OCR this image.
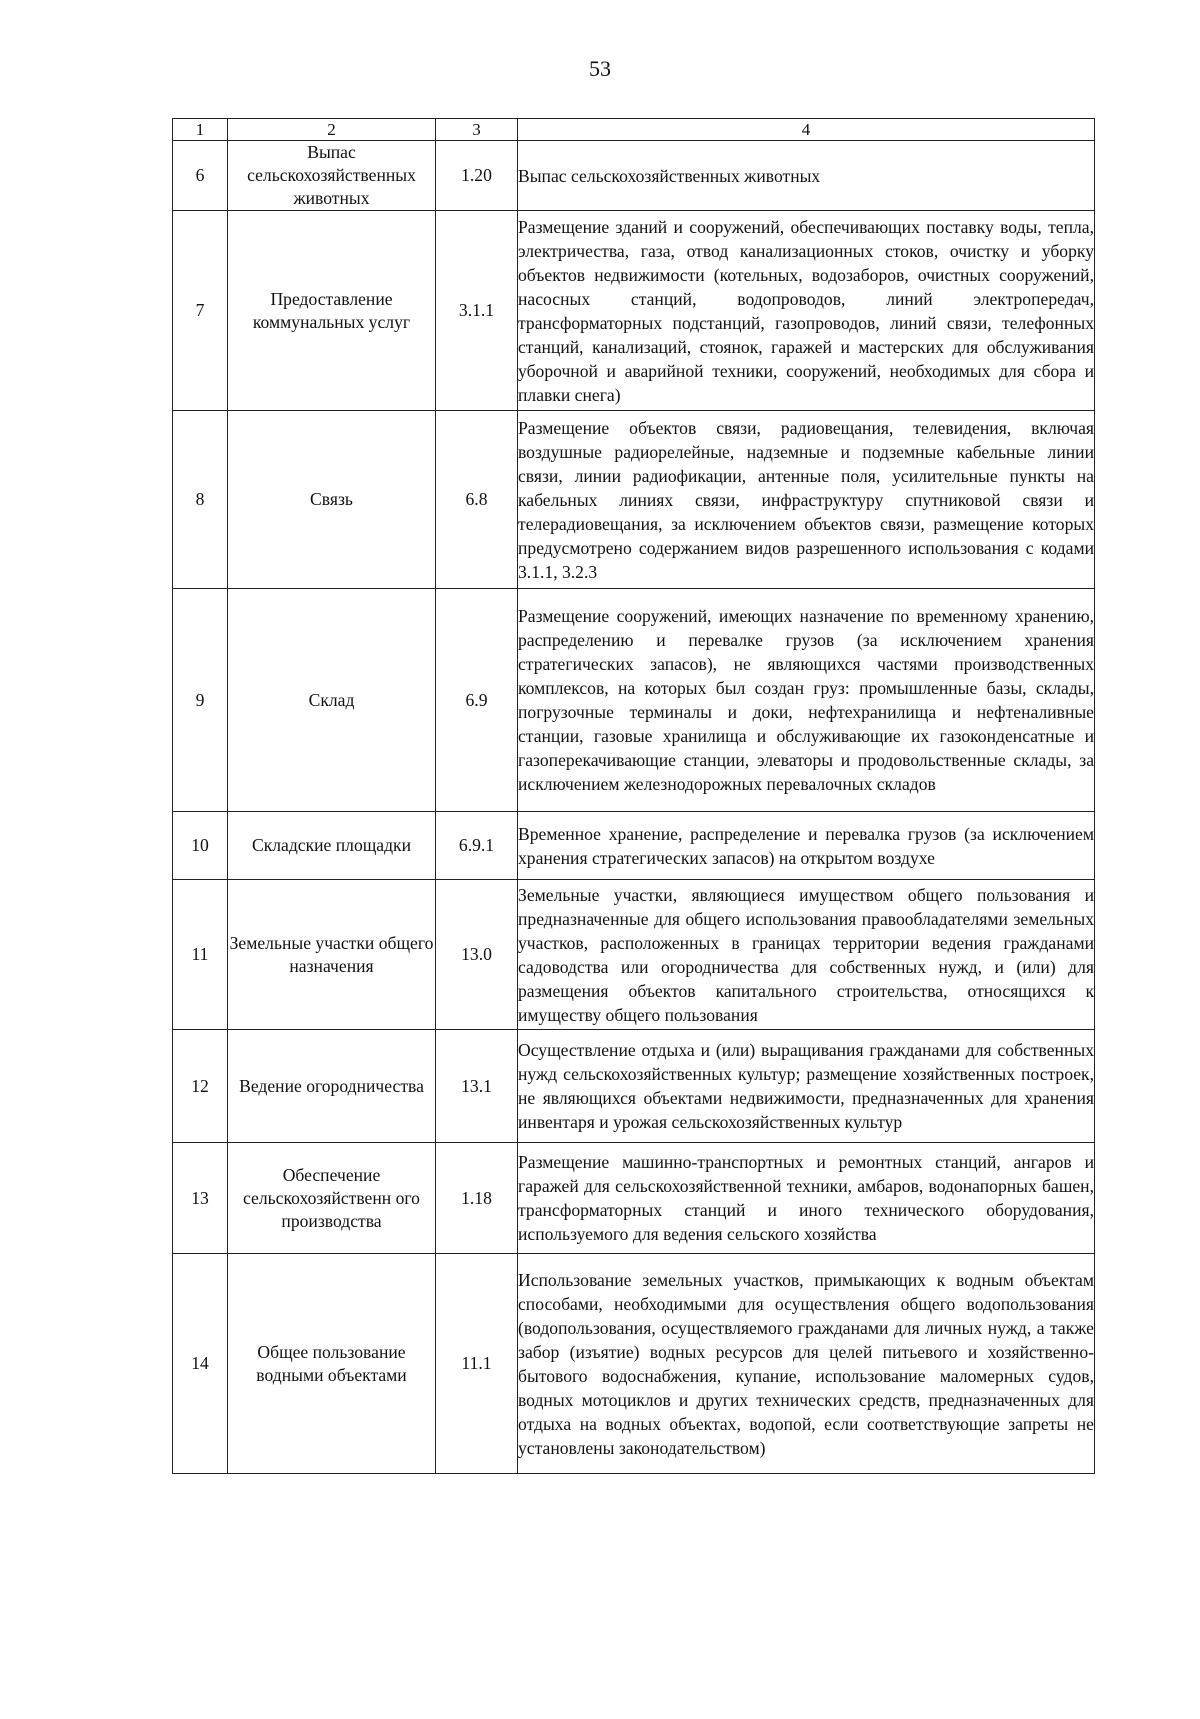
53
1	2	3	4
6	Выпас сельскохозяйственных животных	1.20	Выпас сельскохозяйственных животных
7	Предоставление коммунальных услуг	3.1.1	Размещение зданий и сооружений, обеспечивающих поставку воды, тепла, электричества, газа, отвод канализационных стоков, очистку и уборку объектов недвижимости (котельных, водозаборов, очистных сооружений, насосных станций, водопроводов, линий электропередач, трансформаторных подстанций, газопроводов, линий связи, телефонных станций, канализаций, стоянок, гаражей и мастерских для обслуживания уборочной и аварийной техники, сооружений, необходимых для сбора и плавки снега)
8	Связь	6.8	Размещение объектов связи, радиовещания, телевидения, включая воздушные радиорелейные, надземные и подземные кабельные линии связи, линии радиофикации, антенные поля, усилительные пункты на кабельных линиях связи, инфраструктуру спутниковой связи и телерадиовещания, за исключением объектов связи, размещение которых предусмотрено содержанием видов разрешенного использования с кодами 3.1.1, 3.2.3
9	Склад	6.9	Размещение сооружений, имеющих назначение по временному хранению, распределению и перевалке грузов (за исключением хранения стратегических запасов), не являющихся частями производственных комплексов, на которых был создан груз: промышленные базы, склады, погрузочные терминалы и доки, нефтехранилища и нефтеналивные станции, газовые хранилища и обслуживающие их газоконденсатные и газоперекачивающие станции, элеваторы и продовольственные склады, за исключением железнодорожных перевалочных складов
10	Складские площадки	6.9.1	Временное хранение, распределение и перевалка грузов (за исключением хранения стратегических запасов) на открытом воздухе
11	Земельные участки общего назначения	13.0	Земельные участки, являющиеся имуществом общего пользования и предназначенные для общего использования правообладателями земельных участков, расположенных в границах территории ведения гражданами садоводства или огородничества для собственных нужд, и (или) для размещения объектов капитального строительства, относящихся к имуществу общего пользования
12	Ведение огородничества	13.1	Осуществление отдыха и (или) выращивания гражданами для собственных нужд сельскохозяйственных культур; размещение хозяйственных построек, не являющихся объектами недвижимости, предназначенных для хранения инвентаря и урожая сельскохозяйственных культур
13	Обеспечение сельскохозяйственн ого производства	1.18	Размещение машинно-транспортных и ремонтных станций, ангаров и гаражей для сельскохозяйственной техники, амбаров, водонапорных башен, трансформаторных станций и иного технического оборудования, используемого для ведения сельского хозяйства
14	Общее пользование водными объектами	11.1	Использование земельных участков, примыкающих к водным объектам способами, необходимыми для осуществления общего водопользования (водопользования, осуществляемого гражданами для личных нужд, а также забор (изъятие) водных ресурсов для целей питьевого и хозяйственно-бытового водоснабжения, купание, использование маломерных судов, водных мотоциклов и других технических средств, предназначенных для отдыха на водных объектах, водопой, если соответствующие запреты не установлены законодательством)
